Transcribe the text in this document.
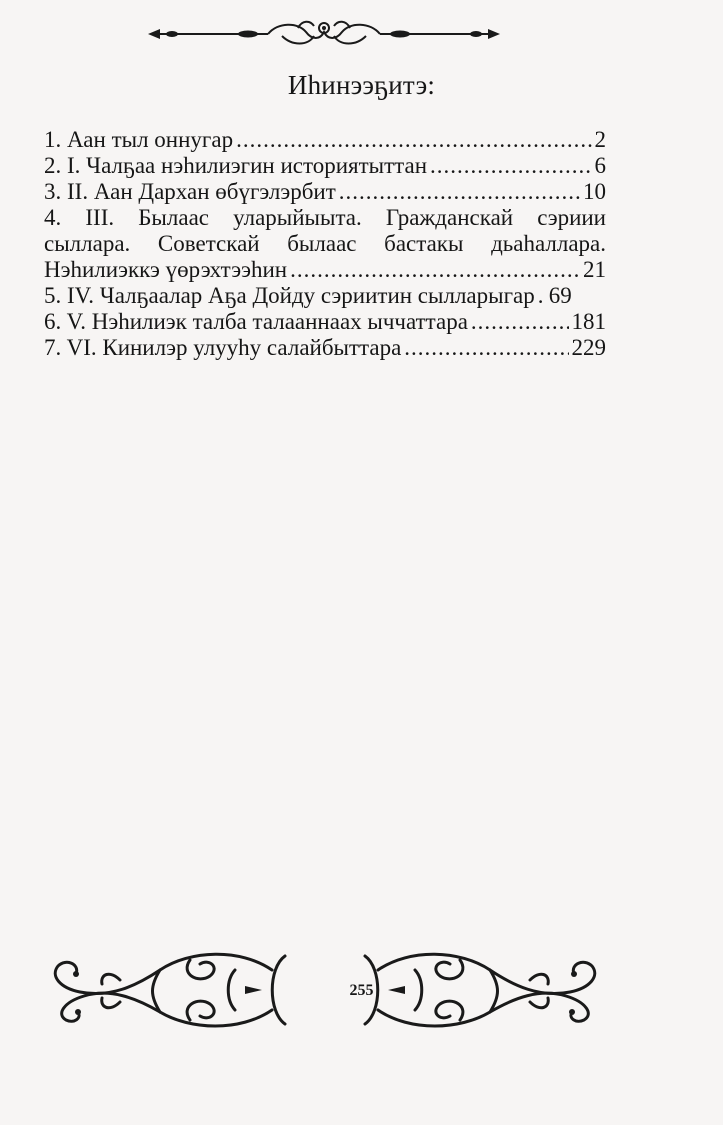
Иhинээҕитэ:
1. Аан тыл оннугар .....	2
2. I. Чалҕаа нэhилиэгин историятыттан .....	6
3. II. Аан Дархан өбүгэлэрбит .....	10
4. III. Былаас уларыйыыта. Гражданскай сэриии
сыллара. Советскай былаас бастакы дьаhаллара.
Нэhилиэккэ үөрэхтээhин .....	21
5. IV. Чалҕаалар Аҕа Дойду сэриитин сылларыгар ..... 69
6. V. Нэhилиэк талба талааннаах ыччаттара .....	181
7. VI. Кинилэр улууhу салайбыттара .....	229
255
